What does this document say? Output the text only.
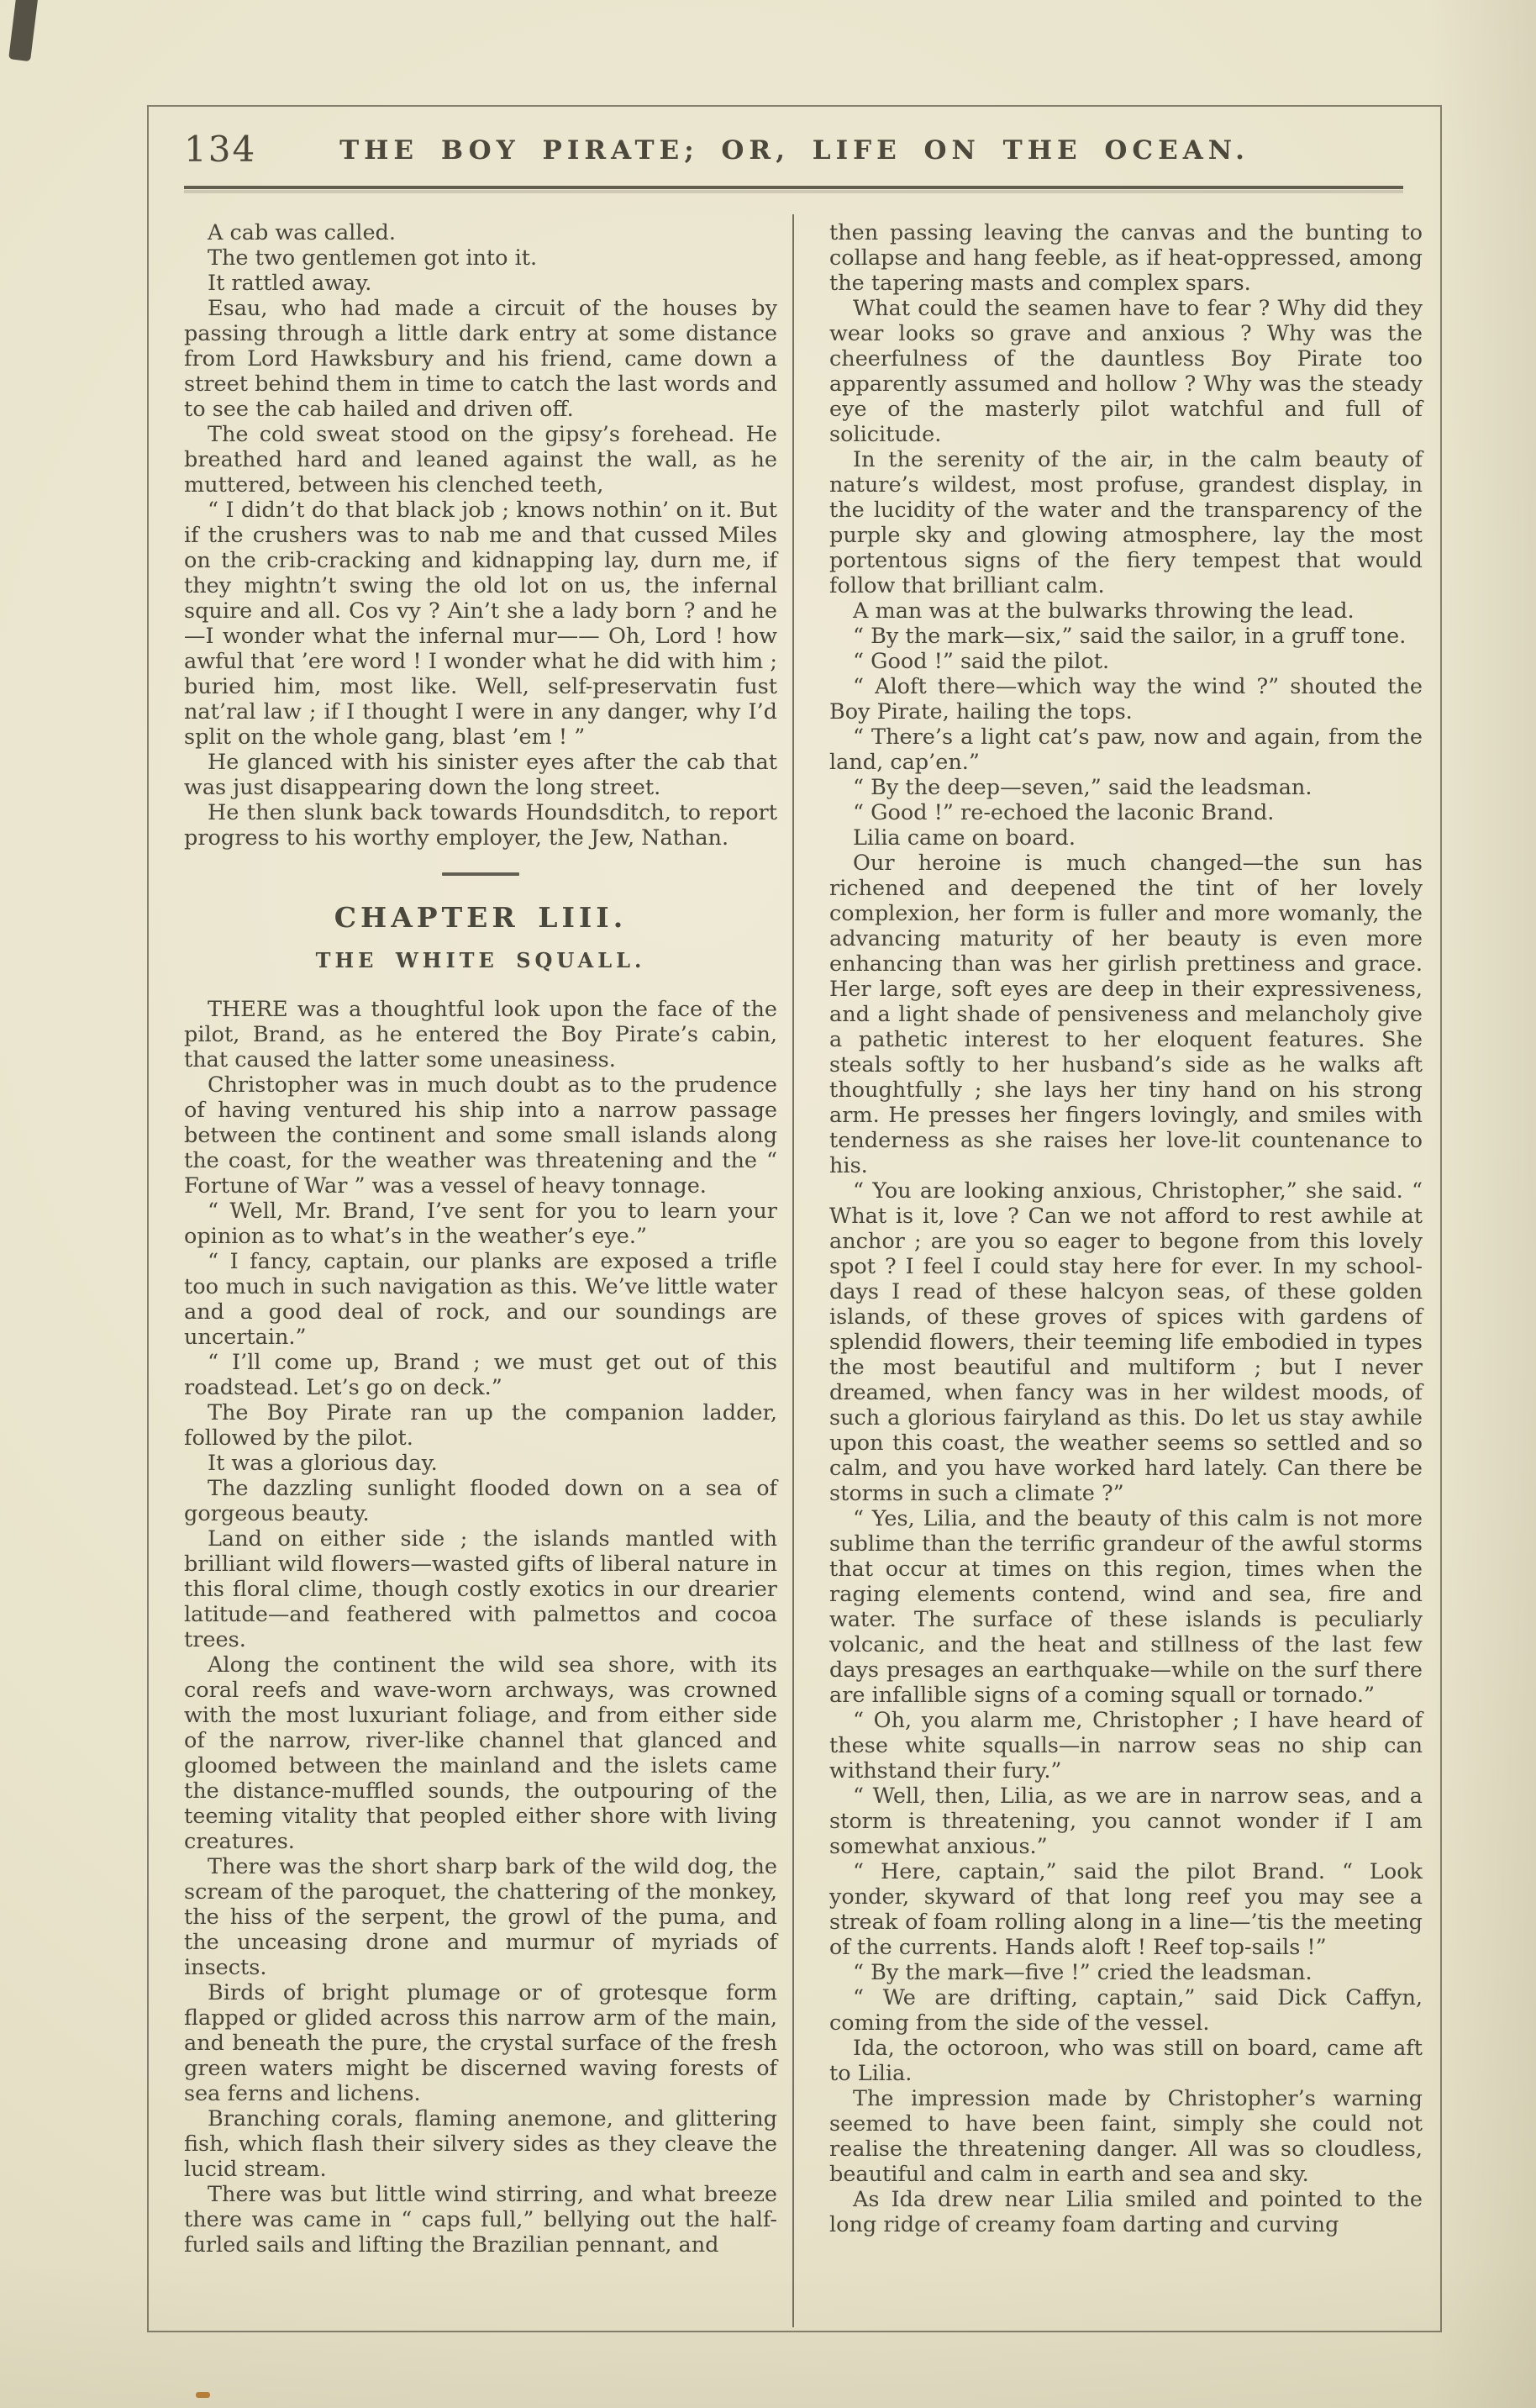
134	THE BOY PIRATE; OR, LIFE ON THE OCEAN.

A cab was called.

The two gentlemen got into it.

It rattled away.

Esau, who had made a circuit of the houses by passing through a little dark entry at some distance from Lord Hawksbury and his friend, came down a street behind them in time to catch the last words and to see the cab hailed and driven off.

The cold sweat stood on the gipsy’s forehead. He breathed hard and leaned against the wall, as he muttered, between his clenched teeth,

“ I didn’t do that black job ; knows nothin’ on it. But if the crushers was to nab me and that cussed Miles on the crib-cracking and kidnapping lay, durn me, if they mightn’t swing the old lot on us, the infernal squire and all. Cos vy ? Ain’t she a lady born ? and he—I wonder what the infernal mur—— Oh, Lord ! how awful that ’ere word ! I wonder what he did with him ; buried him, most like. Well, self-preservatin fust nat’ral law ; if I thought I were in any danger, why I’d split on the whole gang, blast ’em ! ”

He glanced with his sinister eyes after the cab that was just disappearing down the long street.

He then slunk back towards Houndsditch, to report progress to his worthy employer, the Jew, Nathan.

CHAPTER LIII.

THE WHITE SQUALL.

THERE was a thoughtful look upon the face of the pilot, Brand, as he entered the Boy Pirate’s cabin, that caused the latter some uneasiness.

Christopher was in much doubt as to the prudence of having ventured his ship into a narrow passage between the continent and some small islands along the coast, for the weather was threatening and the “ Fortune of War ” was a vessel of heavy tonnage.

“ Well, Mr. Brand, I’ve sent for you to learn your opinion as to what’s in the weather’s eye.”

“ I fancy, captain, our planks are exposed a trifle too much in such navigation as this. We’ve little water and a good deal of rock, and our soundings are uncertain.”

“ I’ll come up, Brand ; we must get out of this roadstead. Let’s go on deck.”

The Boy Pirate ran up the companion ladder, followed by the pilot.

It was a glorious day.

The dazzling sunlight flooded down on a sea of gorgeous beauty.

Land on either side ; the islands mantled with brilliant wild flowers—wasted gifts of liberal nature in this floral clime, though costly exotics in our drearier latitude—and feathered with palmettos and cocoa trees.

Along the continent the wild sea shore, with its coral reefs and wave-worn archways, was crowned with the most luxuriant foliage, and from either side of the narrow, river-like channel that glanced and gloomed between the mainland and the islets came the distance-muffled sounds, the outpouring of the teeming vitality that peopled either shore with living creatures.

There was the short sharp bark of the wild dog, the scream of the paroquet, the chattering of the monkey, the hiss of the serpent, the growl of the puma, and the unceasing drone and murmur of myriads of insects.

Birds of bright plumage or of grotesque form flapped or glided across this narrow arm of the main, and beneath the pure, the crystal surface of the fresh green waters might be discerned waving forests of sea ferns and lichens.

Branching corals, flaming anemone, and glittering fish, which flash their silvery sides as they cleave the lucid stream.

There was but little wind stirring, and what breeze there was came in “ caps full,” bellying out the half-furled sails and lifting the Brazilian pennant, and

then passing leaving the canvas and the bunting to collapse and hang feeble, as if heat-oppressed, among the tapering masts and complex spars.

What could the seamen have to fear ? Why did they wear looks so grave and anxious ? Why was the cheerfulness of the dauntless Boy Pirate too apparently assumed and hollow ? Why was the steady eye of the masterly pilot watchful and full of solicitude.

In the serenity of the air, in the calm beauty of nature’s wildest, most profuse, grandest display, in the lucidity of the water and the transparency of the purple sky and glowing atmosphere, lay the most portentous signs of the fiery tempest that would follow that brilliant calm.

A man was at the bulwarks throwing the lead.

“ By the mark—six,” said the sailor, in a gruff tone.

“ Good !” said the pilot.

“ Aloft there—which way the wind ?” shouted the Boy Pirate, hailing the tops.

“ There’s a light cat’s paw, now and again, from the land, cap’en.”

“ By the deep—seven,” said the leadsman.

“ Good !” re-echoed the laconic Brand.

Lilia came on board.

Our heroine is much changed—the sun has richened and deepened the tint of her lovely complexion, her form is fuller and more womanly, the advancing maturity of her beauty is even more enhancing than was her girlish prettiness and grace. Her large, soft eyes are deep in their expressiveness, and a light shade of pensiveness and melancholy give a pathetic interest to her eloquent features. She steals softly to her husband’s side as he walks aft thoughtfully ; she lays her tiny hand on his strong arm. He presses her fingers lovingly, and smiles with tenderness as she raises her love-lit countenance to his.

“ You are looking anxious, Christopher,” she said. “ What is it, love ? Can we not afford to rest awhile at anchor ; are you so eager to begone from this lovely spot ? I feel I could stay here for ever. In my school-days I read of these halcyon seas, of these golden islands, of these groves of spices with gardens of splendid flowers, their teeming life embodied in types the most beautiful and multiform ; but I never dreamed, when fancy was in her wildest moods, of such a glorious fairyland as this. Do let us stay awhile upon this coast, the weather seems so settled and so calm, and you have worked hard lately. Can there be storms in such a climate ?”

“ Yes, Lilia, and the beauty of this calm is not more sublime than the terrific grandeur of the awful storms that occur at times on this region, times when the raging elements contend, wind and sea, fire and water. The surface of these islands is peculiarly volcanic, and the heat and stillness of the last few days presages an earthquake—while on the surf there are infallible signs of a coming squall or tornado.”

“ Oh, you alarm me, Christopher ; I have heard of these white squalls—in narrow seas no ship can withstand their fury.”

“ Well, then, Lilia, as we are in narrow seas, and a storm is threatening, you cannot wonder if I am somewhat anxious.”

“ Here, captain,” said the pilot Brand. “ Look yonder, skyward of that long reef you may see a streak of foam rolling along in a line—’tis the meeting of the currents. Hands aloft ! Reef top-sails !”

“ By the mark—five !” cried the leadsman.

“ We are drifting, captain,” said Dick Caffyn, coming from the side of the vessel.

Ida, the octoroon, who was still on board, came aft to Lilia.

The impression made by Christopher’s warning seemed to have been faint, simply she could not realise the threatening danger. All was so cloudless, beautiful and calm in earth and sea and sky.

As Ida drew near Lilia smiled and pointed to the long ridge of creamy foam darting and curving
